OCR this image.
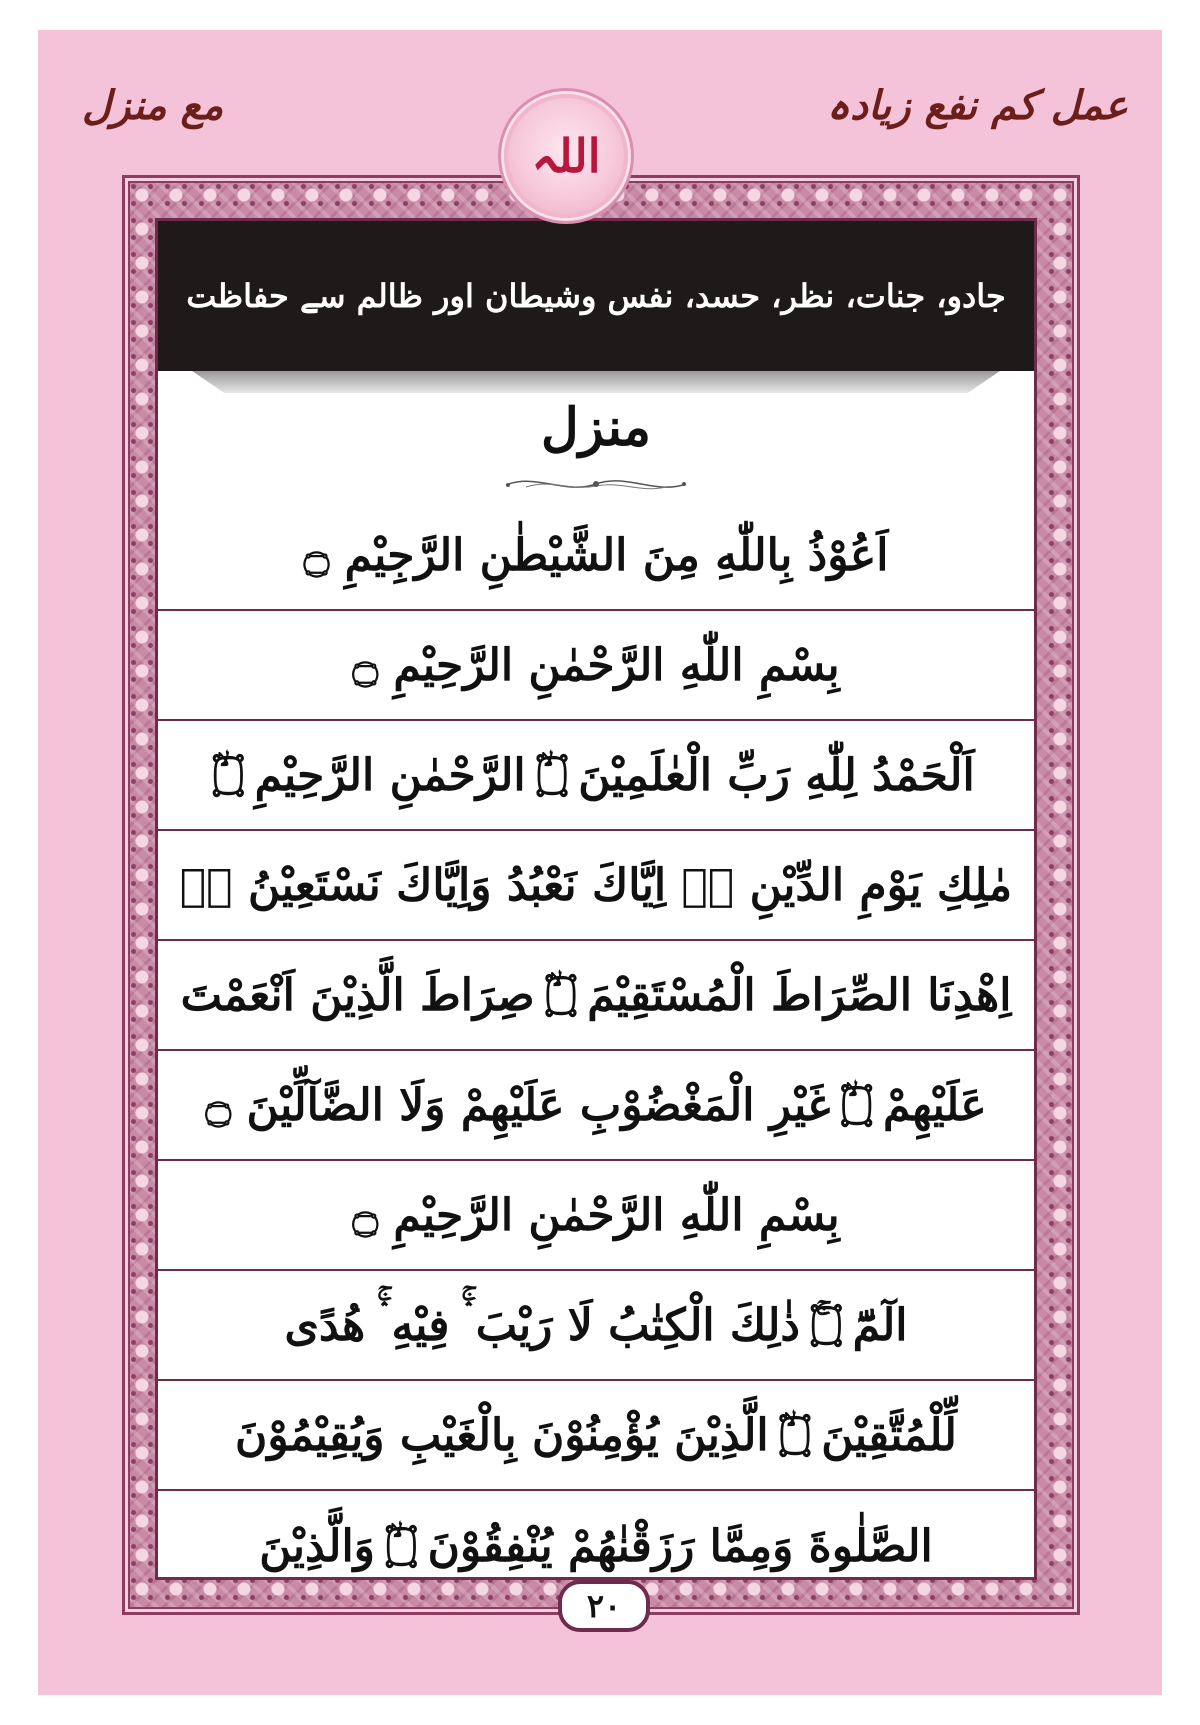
عمل کم نفع زیادہ
مع منزل
اللہ
جادو، جنات، نظر، حسد، نفس وشیطان اور ظالم سے حفاظت
منزل
اَعُوْذُ بِاللّٰهِ مِنَ الشَّيْطٰنِ الرَّجِيْمِ ۝
بِسْمِ اللّٰهِ الرَّحْمٰنِ الرَّحِيْمِ ۝
اَلْحَمْدُ لِلّٰهِ رَبِّ الْعٰلَمِيْنَ ۝ۙ الرَّحْمٰنِ الرَّحِيْمِ ۝ۙ
مٰلِكِ يَوْمِ الدِّيْنِ ۝ؕ اِيَّاكَ نَعْبُدُ وَاِيَّاكَ نَسْتَعِيْنُ ۝ؕ
اِهْدِنَا الصِّرَاطَ الْمُسْتَقِيْمَ ۝ۙ صِرَاطَ الَّذِيْنَ اَنْعَمْتَ
عَلَيْهِمْ ۝ۙ غَيْرِ الْمَغْضُوْبِ عَلَيْهِمْ وَلَا الضَّآلِّيْنَ ۝
بِسْمِ اللّٰهِ الرَّحْمٰنِ الرَّحِيْمِ ۝
الٓمّٓ ۝ۚ ذٰلِكَ الْكِتٰبُ لَا رَيْبَ ۛۚ فِيْهِ ۛۚ هُدًى
لِّلْمُتَّقِيْنَ ۝ۙ الَّذِيْنَ يُؤْمِنُوْنَ بِالْغَيْبِ وَيُقِيْمُوْنَ
الصَّلٰوةَ وَمِمَّا رَزَقْنٰهُمْ يُنْفِقُوْنَ ۝ۙ وَالَّذِيْنَ
۲۰
